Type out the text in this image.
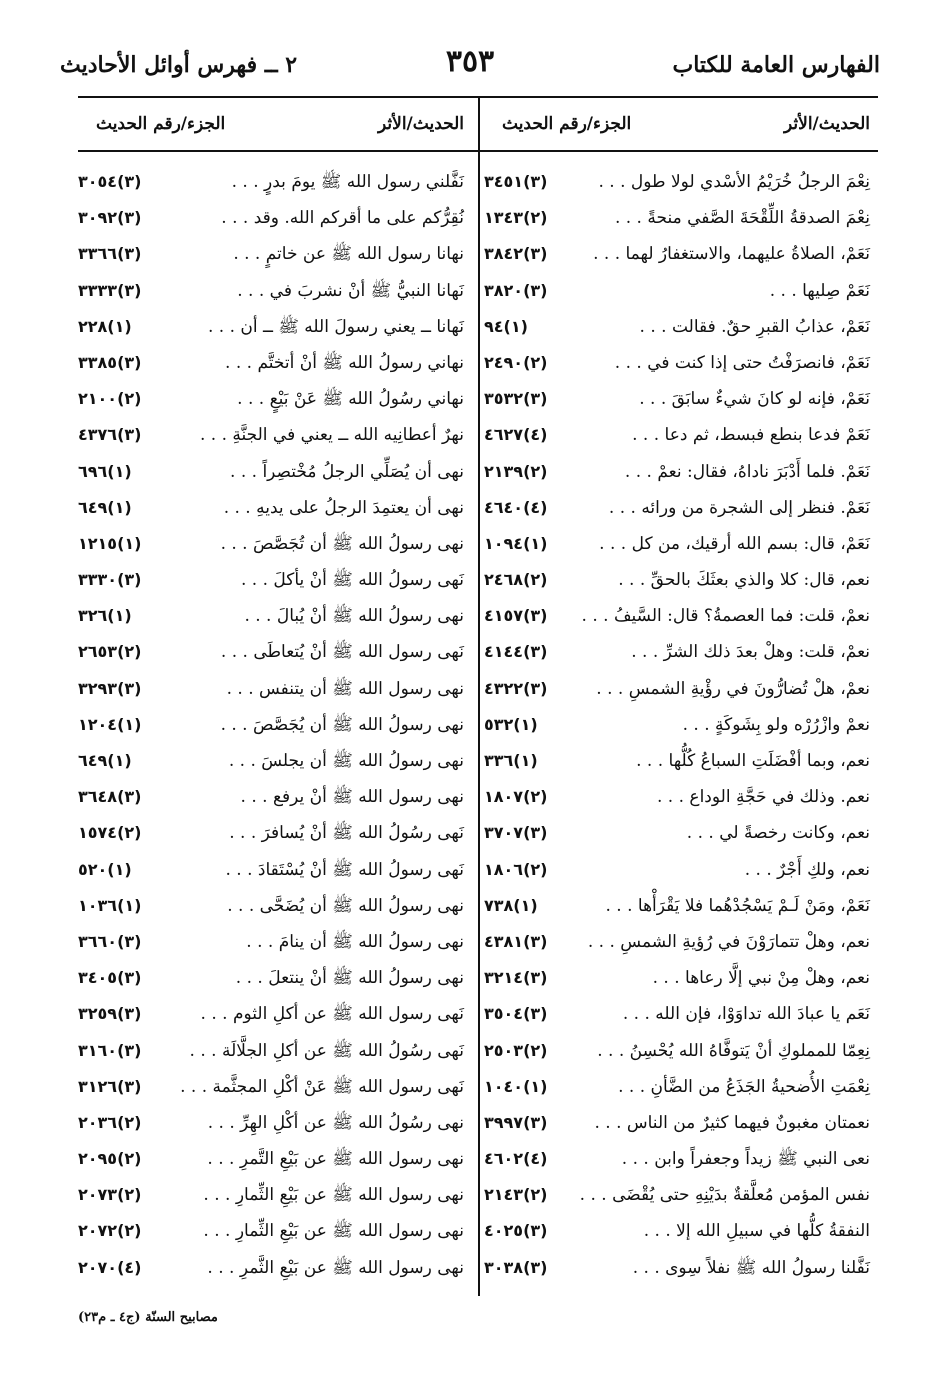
الفهارس العامة للكتاب
٣٥٣
٢ ــ فهرس أوائل الأحاديث
الحديث/الأثر
الجزء/رقم الحديث
نِعْمَ الرجلُ خُرَيْمُ الأسْدي لولا طول . . .
(٣)٣٤٥١
نِعْمَ الصدقةُ اللِّقْحَةَ الصَّفي منحةً . . .
(٢)١٣٤٣
نَعَمْ، الصلاةُ عليهما، والاستغفارُ لهما . . .
(٣)٣٨٤٢
نَعَمْ صِليها . . .
(٣)٣٨٢٠
نَعَمْ، عذابُ القبرِ حقٌ. فقالت . . .
(١)٩٤
نَعَمْ، فانصرَفْتُ حتى إذا كنت في . . .
(٢)٢٤٩٠
نَعَمْ، فإنه لو كانَ شيءٌ سابَقَ . . .
(٣)٣٥٣٢
نَعَمْ فدعا بنطع فبسط، ثم دعا . . .
(٤)٤٦٢٧
نَعَمْ. فلما أَدْبَرَ ناداهُ، فقال: نعمْ . . .
(٢)٢١٣٩
نَعَمْ. فنظر إلى الشجرة من ورائه . . .
(٤)٤٦٤٠
نَعَمْ، قال: بسم الله أرقيك، من كل . . .
(١)١٠٩٤
نعم، قال: كلا والذي بعثَكَ بالحقِّ . . .
(٢)٢٤٦٨
نعمْ، قلت: فما العصمةُ؟ قال: السَّيفُ . . .
(٣)٤١٥٧
نعمْ، قلت: وهلْ بعدَ ذلك الشرِّ . . .
(٣)٤١٤٤
نعمْ، هلْ تُضارُّونَ في رؤْيةِ الشمسِ . . .
(٣)٤٣٢٢
نعمْ وازْرُرْه ولو بِشَوكَةٍ . . .
(١)٥٣٢
نعم، وبما أفْضَلَتِ السباعُ كُلُّها . . .
(١)٣٣٦
نعم. وذلك في حَجَّةِ الوداع . . .
(٢)١٨٠٧
نعم، وكانت رخصةً لي . . .
(٣)٣٧٠٧
نعم، ولكِ أَجْرٌ . . .
(٢)١٨٠٦
نَعَمْ، ومَنْ لَـمْ يَسْجُدْهُما فلا يَقْرَأْها . . .
(١)٧٣٨
نعم، وهلْ تتمارَوْنَ في رُؤيةِ الشمسِ . . .
(٣)٤٣٨١
نعم، وهلْ مِنْ نبي إلَّا رعاها . . .
(٣)٣٢١٤
نَعَم يا عبادَ الله تداوَوْا، فإن الله . . .
(٣)٣٥٠٤
نِعِمّا للمملوكِ أنْ يَتوفَّاهُ الله يُحْسِنُ . . .
(٢)٢٥٠٣
نِعْمَتِ الأُضحيةُ الجَذَعُ من الضَّأنِ . . .
(١)١٠٤٠
نعمتان مغبونٌ فيهما كثيرٌ من الناس . . .
(٣)٣٩٩٧
نعى النبي ﷺ زيداً وجعفراً وابن . . .
(٤)٤٦٠٢
نفس المؤمن مُعلَّقةٌ بدَيْنِهِ حتى يُقْضَى . . .
(٢)٢١٤٣
النفقةُ كلُّها في سبيلِ الله إلا . . .
(٣)٤٠٢٥
نَفَّلنا رسولُ الله ﷺ نفلاً سِوى . . .
(٣)٣٠٣٨
الحديث/الأثر
الجزء/رقم الحديث
نَفَّلني رسول الله ﷺ يومَ بدرٍ . . .
(٣)٣٠٥٤
نُقِرُّكم على ما أقركم الله. وقد . . .
(٣)٣٠٩٢
نهانا رسول الله ﷺ عن خاتمٍ . . .
(٣)٣٣٦٦
نَهانا النبيُّ ﷺ أنْ نشربَ في . . .
(٣)٣٣٣٣
نَهانا ــ يعني رسولَ الله ﷺ ــ أن . . .
(١)٢٢٨
نهاني رسولُ الله ﷺ أنْ أتختَّم . . .
(٣)٣٣٨٥
نهاني رسُولُ الله ﷺ عَنْ بَيْعٍ . . .
(٢)٢١٠٠
نهرٌ أعطانِيه الله ــ يعني في الجنَّةِ . . .
(٣)٤٣٧٦
نهى أن يُصَلِّي الرجلُ مُخْتصِراً . . .
(١)٦٩٦
نهى أن يعتمِدَ الرجلُ على يديهِ . . .
(١)٦٤٩
نهى رسولُ الله ﷺ أن تُجَصَّصَ . . .
(١)١٢١٥
نَهى رسولُ الله ﷺ أنْ يأكلَ . . .
(٣)٣٣٣٠
نهى رسولُ الله ﷺ أنْ يُبالَ . . .
(١)٣٢٦
نَهى رسول الله ﷺ أنْ يُتعاطَى . . .
(٢)٢٦٥٣
نهى رسول الله ﷺ أن يتنفس . . .
(٣)٣٢٩٣
نهى رسولُ الله ﷺ أن يُجَصَّصَ . . .
(١)١٢٠٤
نهى رسولُ الله ﷺ أن يجلسَ . . .
(١)٦٤٩
نهى رسول الله ﷺ أنْ يرفع . . .
(٣)٣٦٤٨
نَهى رسُولُ الله ﷺ أنْ يُسافرَ . . .
(٢)١٥٧٤
نَهى رسولُ الله ﷺ أنْ يُسْتَقادَ . . .
(١)٥٢٠
نهى رسولُ الله ﷺ أن يُضَحَّى . . .
(١)١٠٣٦
نهى رسولُ الله ﷺ أن ينامَ . . .
(٣)٣٦٦٠
نهى رسولُ الله ﷺ أنْ ينتعلَ . . .
(٣)٣٤٠٥
نَهى رسول الله ﷺ عن أكلِ الثوم . . .
(٣)٣٢٥٩
نَهى رسُولُ الله ﷺ عن أكلِ الجلَّالَة . . .
(٣)٣١٦٠
نَهى رسول الله ﷺ عَنْ أكْلِ المجثَّمة . . .
(٣)٣١٢٦
نهى رسُولُ الله ﷺ عن أكْلِ الهِرِّ . . .
(٢)٢٠٣٦
نهى رسول الله ﷺ عن بَيْعِ التَّمرِ . . .
(٢)٢٠٩٥
نهى رسول الله ﷺ عن بَيْعِ الثِّمارِ . . .
(٢)٢٠٧٣
نهى رسول الله ﷺ عن بَيْعِ الثِّمارِ . . .
(٢)٢٠٧٢
نهى رسول الله ﷺ عن بَيْعِ الثَّمرِ . . .
(٤)٢٠٧٠
مصابيح السنّة (ج٤ ـ م٢٣)
